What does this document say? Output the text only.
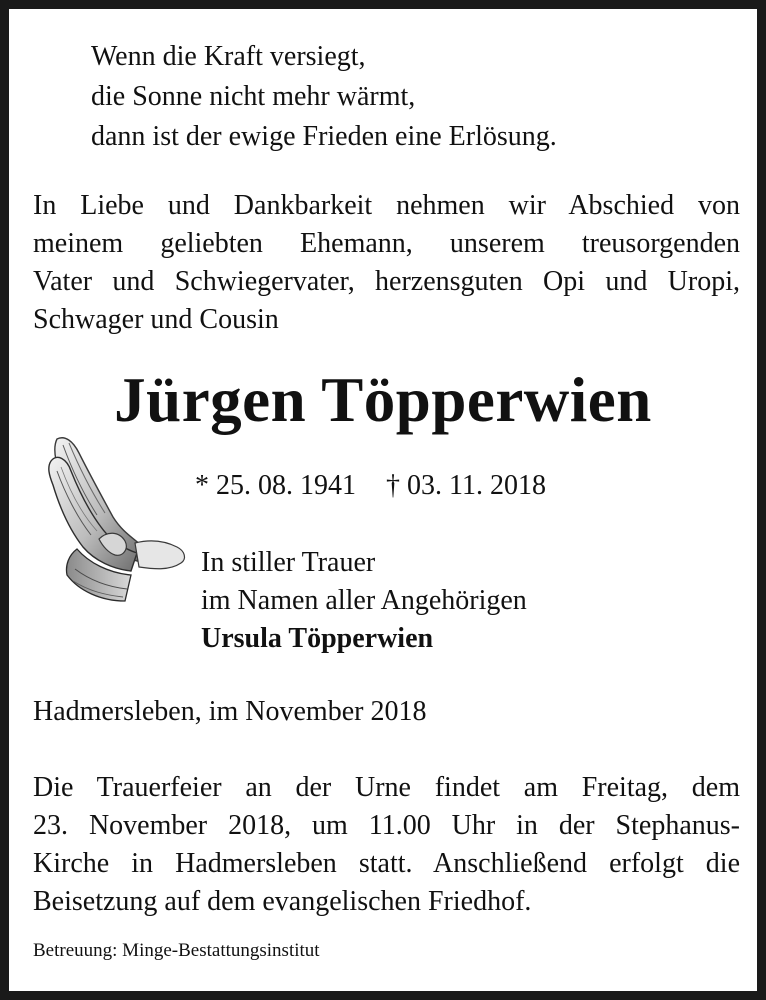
Wenn die Kraft versiegt,
die Sonne nicht mehr wärmt,
dann ist der ewige Frieden eine Erlösung.
In Liebe und Dankbarkeit nehmen wir Abschied von
meinem geliebten Ehemann, unserem treusorgenden
Vater und Schwiegervater, herzensguten Opi und Uropi,
Schwager und Cousin
Jürgen Töpperwien
* 25. 08. 1941 † 03. 11. 2018
In stiller Trauer
im Namen aller Angehörigen
Ursula Töpperwien
Hadmersleben, im November 2018
Die Trauerfeier an der Urne findet am Freitag, dem
23. November 2018, um 11.00 Uhr in der Stephanus-
Kirche in Hadmersleben statt. Anschließend erfolgt die
Beisetzung auf dem evangelischen Friedhof.
Betreuung: Minge-Bestattungsinstitut
